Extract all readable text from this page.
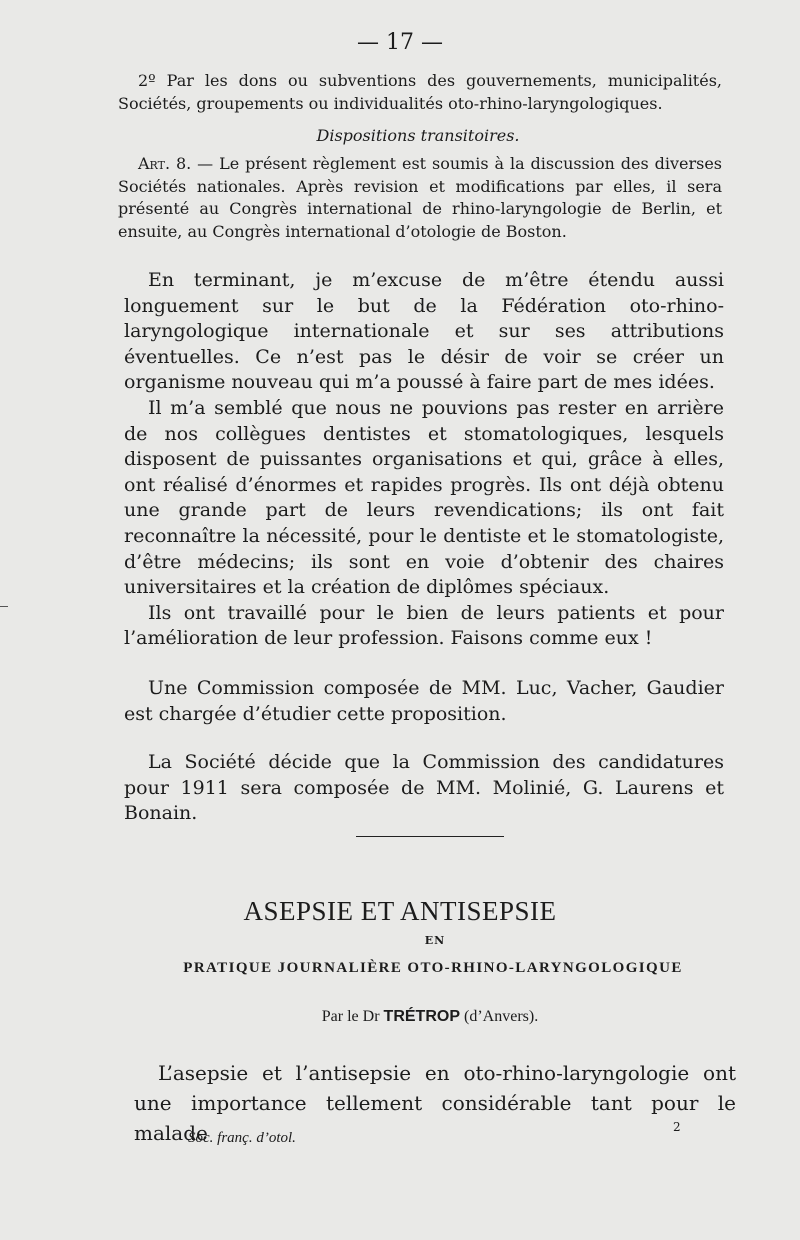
— 17 —

2º Par les dons ou subventions des gouvernements, municipalités, Sociétés, groupements ou individualités oto-rhino-laryngologiques.

Dispositions transitoires.

Art. 8. — Le présent règlement est soumis à la discussion des diverses Sociétés nationales. Après revision et modifications par elles, il sera présenté au Congrès international de rhino-laryngologie de Berlin, et ensuite, au Congrès international d’otologie de Boston.

En terminant, je m’excuse de m’être étendu aussi longuement sur le but de la Fédération oto-rhino-laryngologique internationale et sur ses attributions éventuelles. Ce n’est pas le désir de voir se créer un organisme nouveau qui m’a poussé à faire part de mes idées.

Il m’a semblé que nous ne pouvions pas rester en arrière de nos collègues dentistes et stomatologiques, lesquels disposent de puissantes organisations et qui, grâce à elles, ont réalisé d’énormes et rapides progrès. Ils ont déjà obtenu une grande part de leurs revendications; ils ont fait reconnaître la nécessité, pour le dentiste et le stomatologiste, d’être médecins; ils sont en voie d’obtenir des chaires universitaires et la création de diplômes spéciaux.

Ils ont travaillé pour le bien de leurs patients et pour l’amélioration de leur profession. Faisons comme eux !

Une Commission composée de MM. Luc, Vacher, Gaudier est chargée d’étudier cette proposition.

La Société décide que la Commission des candidatures pour 1911 sera composée de MM. Molinié, G. Laurens et Bonain.

ASEPSIE ET ANTISEPSIE
EN
PRATIQUE JOURNALIÈRE OTO-RHINO-LARYNGOLOGIQUE
Par le Dr TRÉTROP (d’Anvers).

L’asepsie et l’antisepsie en oto-rhino-laryngologie ont une importance tellement considérable tant pour le malade

Soc. franç. d’otol.
2
